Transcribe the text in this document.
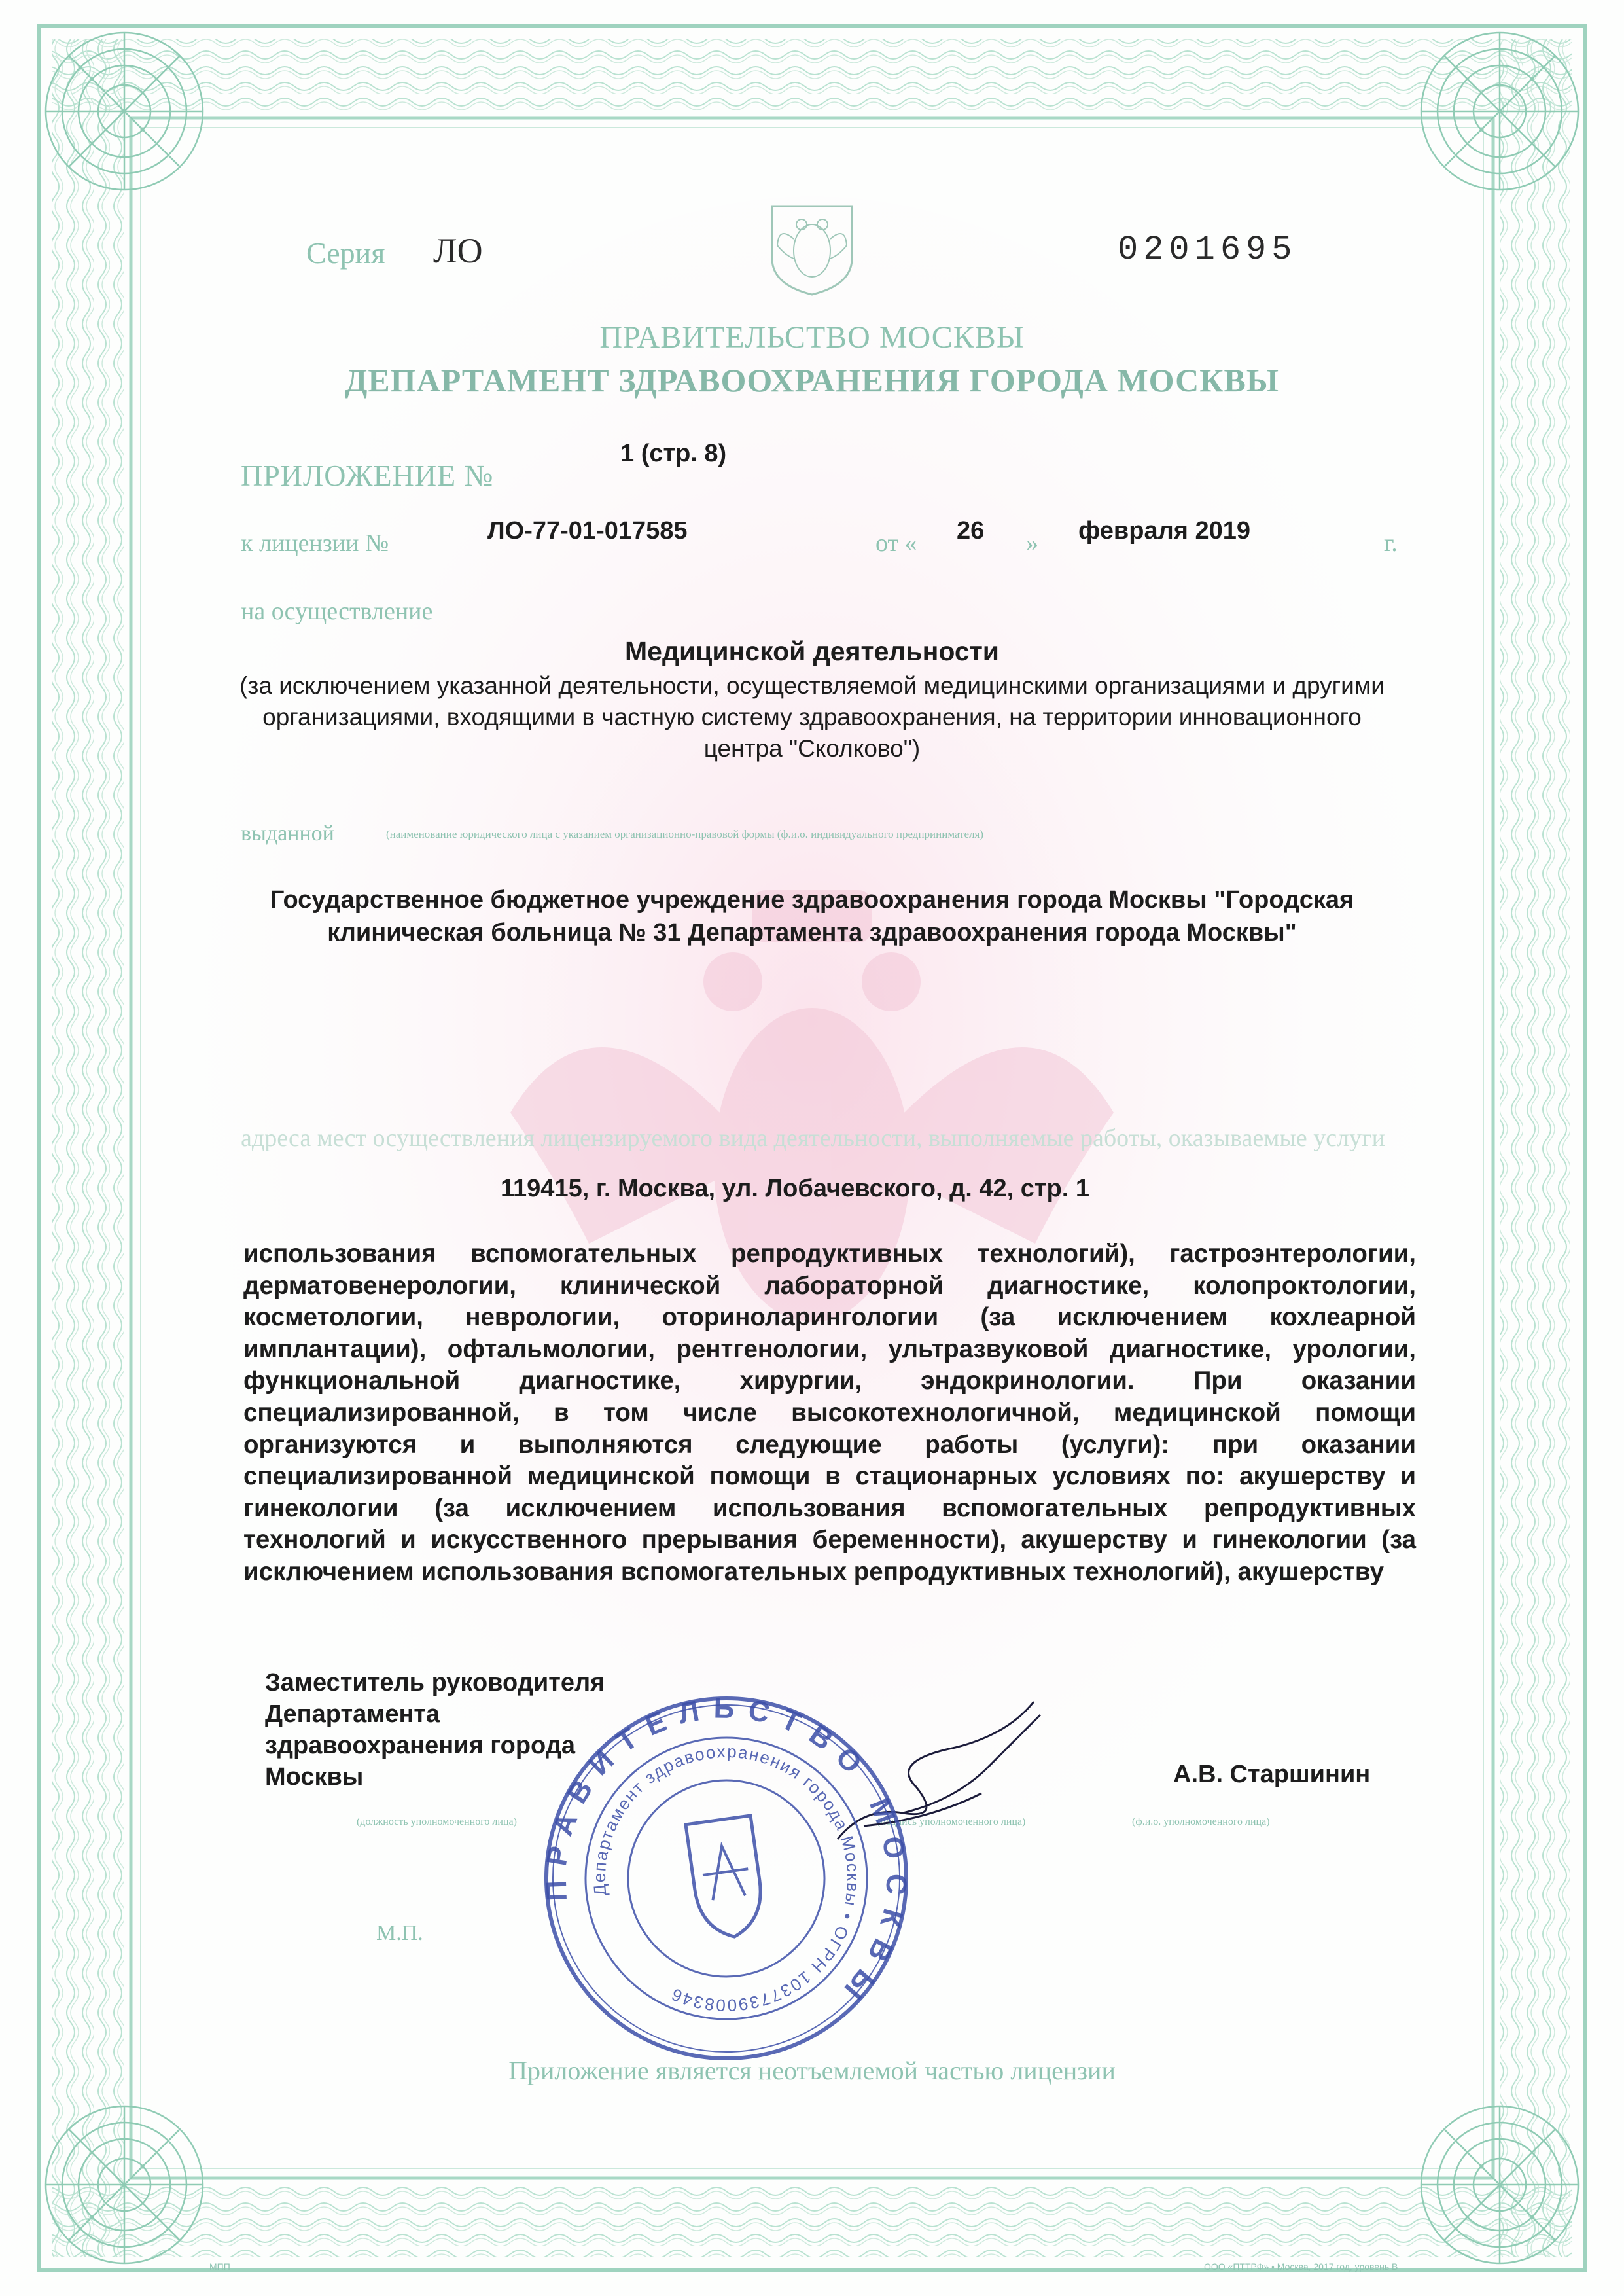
Серия ЛО	0201695
ПРАВИТЕЛЬСТВО МОСКВЫ
ДЕПАРТАМЕНТ ЗДРАВООХРАНЕНИЯ ГОРОДА МОСКВЫ
ПРИЛОЖЕНИЕ №
1 (стр. 8)
к лицензии №	ЛО-77-01-017585	от « 26 » февраля 2019	г.
на осуществление
Медицинской деятельности
(за исключением указанной деятельности, осуществляемой медицинскими организациями и другими организациями, входящими в частную систему здравоохранения, на территории инновационного центра "Сколково")
выданной	(наименование юридического лица с указанием организационно-правовой формы (ф.и.о. индивидуального предпринимателя)
Государственное бюджетное учреждение здравоохранения города Москвы "Городская клиническая больница № 31 Департамента здравоохранения города Москвы"
адреса мест осуществления лицензируемого вида деятельности, выполняемые работы, оказываемые услуги
119415, г. Москва, ул. Лобачевского, д. 42, стр. 1
использования вспомогательных репродуктивных технологий), гастроэнтерологии, дерматовенерологии, клинической лабораторной диагностике, колопроктологии, косметологии, неврологии, оториноларингологии (за исключением кохлеарной имплантации), офтальмологии, рентгенологии, ультразвуковой диагностике, урологии, функциональной диагностике, хирургии, эндокринологии. При оказании специализированной, в том числе высокотехнологичной, медицинской помощи организуются и выполняются следующие работы (услуги): при оказании специализированной медицинской помощи в стационарных условиях по: акушерству и гинекологии (за исключением использования вспомогательных репродуктивных технологий и искусственного прерывания беременности), акушерству и гинекологии (за исключением использования вспомогательных репродуктивных технологий), акушерству
Заместитель руководителя
Департамента
здравоохранения города
Москвы	А.В. Старшинин
(должность уполномоченного лица)	(подпись уполномоченного лица)	(ф.и.о. уполномоченного лица)
М.П.
ПРАВИТЕЛЬСТВО МОСКВЫ
Департамент здравоохранения города Москвы • ОГРН 1037739008346
Приложение является неотъемлемой частью лицензии
МПП	ООО «ПТТРФ» • Москва, 2017 год, уровень В
